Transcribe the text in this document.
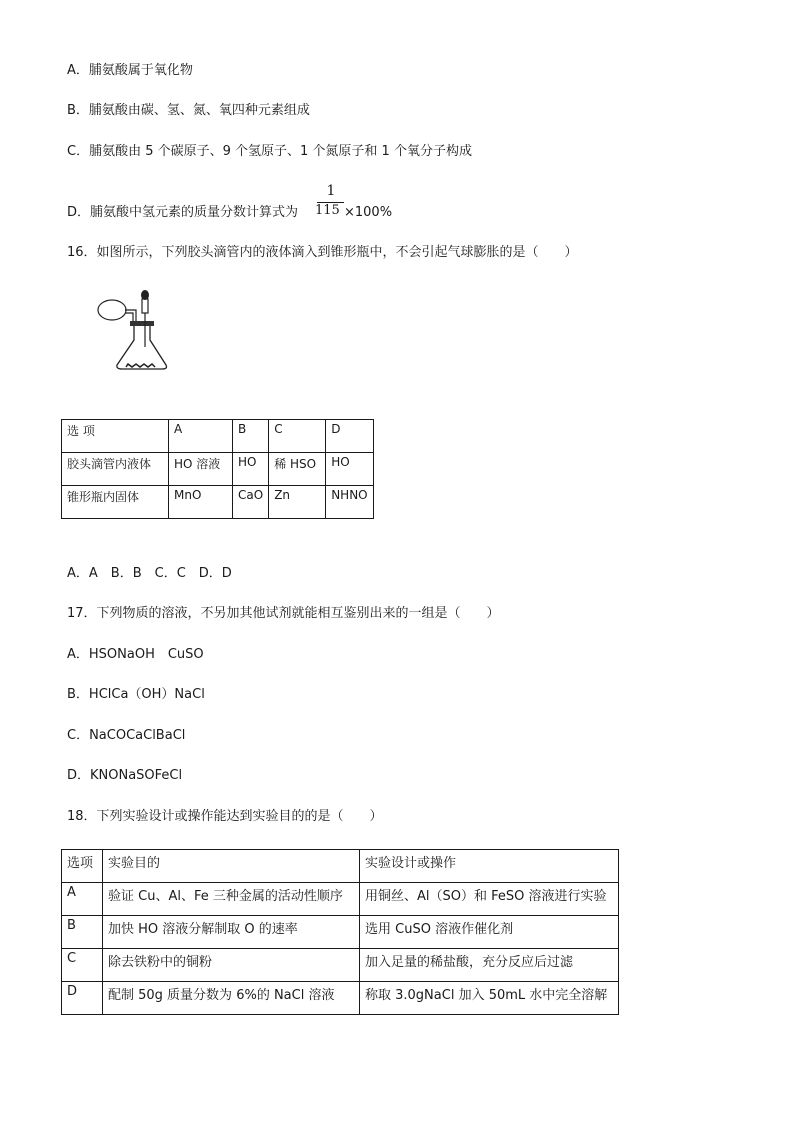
A．脯氨酸属于氧化物
B．脯氨酸由碳、氢、氮、氧四种元素组成
C．脯氨酸由 5 个碳原子、9 个氢原子、1 个氮原子和 1 个氧分子构成
D．脯氨酸中氢元素的质量分数计算式为
1
115 ×100%
16．如图所示，下列胶头滴管内的液体滴入到锥形瓶中，不会引起气球膨胀的是（　　）
选 项	A	B	C	D
胶头滴管内液体	HO 溶液	HO	稀 HSO	HO
锥形瓶内固体	MnO	CaO	Zn	NHNO
A．A　B．B　C．C　D．D
17．下列物质的溶液，不另加其他试剂就能相互鉴别出来的一组是（　　）
A．HSONaOH　CuSO
B．HClCa（OH）NaCl
C．NaCOCaClBaCl
D．KNONaSOFeCl
18．下列实验设计或操作能达到实验目的的是（　　）
选项	实验目的	实验设计或操作
A	验证 Cu、Al、Fe 三种金属的活动性顺序	用铜丝、Al（SO）和 FeSO 溶液进行实验
B	加快 HO 溶液分解制取 O 的速率	选用 CuSO 溶液作催化剂
C	除去铁粉中的铜粉	加入足量的稀盐酸，充分反应后过滤
D	配制 50g 质量分数为 6%的 NaCl 溶液	称取 3.0gNaCl 加入 50mL 水中完全溶解
